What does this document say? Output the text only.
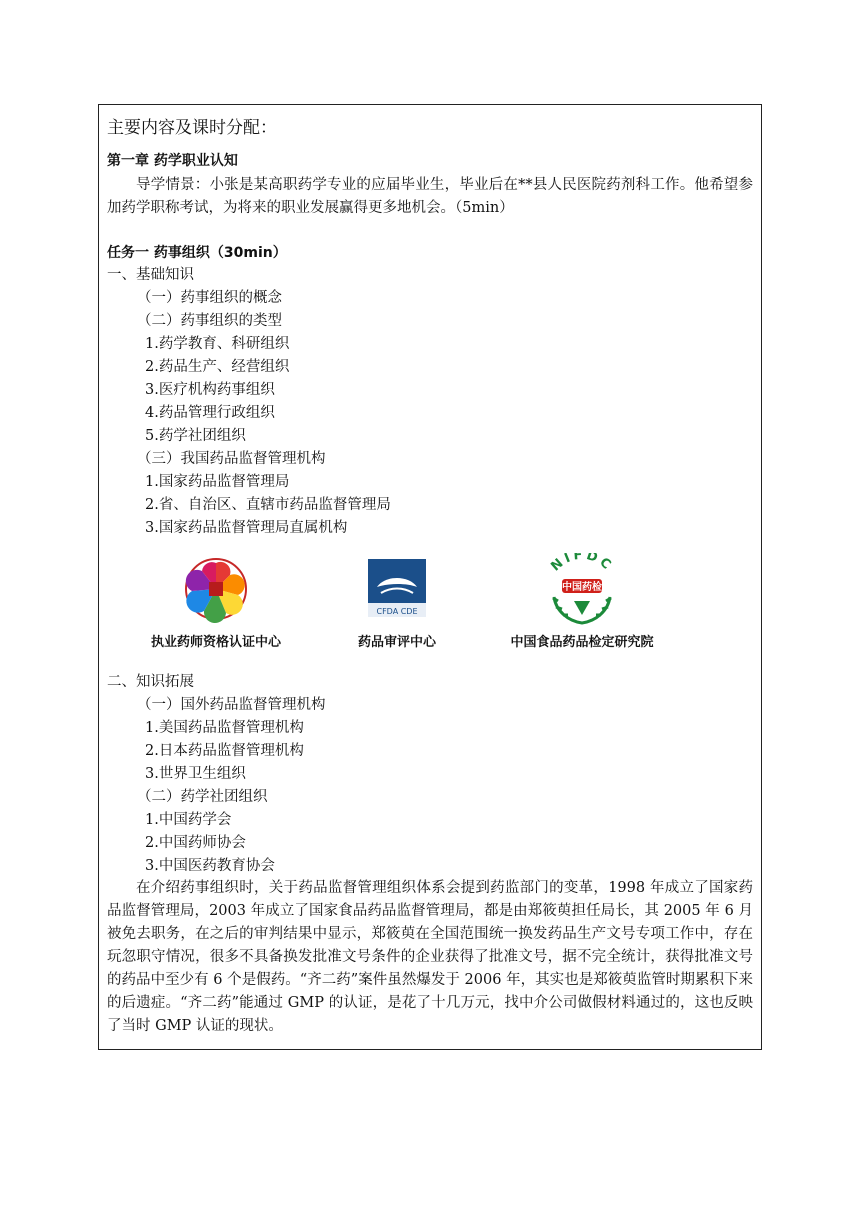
主要内容及课时分配：
第一章 药学职业认知
导学情景：小张是某高职药学专业的应届毕业生，毕业后在**县人民医院药剂科工作。他希望参加药学职称考试，为将来的职业发展赢得更多地机会。（5min）
任务一 药事组织（30min）
一、基础知识
（一）药事组织的概念
（二）药事组织的类型
1.药学教育、科研组织
2.药品生产、经营组织
3.医疗机构药事组织
4.药品管理行政组织
5.药学社团组织
（三）我国药品监督管理机构
1.国家药品监督管理局
2.省、自治区、直辖市药品监督管理局
3.国家药品监督管理局直属机构
执业药师资格认证中心
CFDA CDE
药品审评中心
NIFDC
中国药检
中国食品药品检定研究院
二、知识拓展
（一）国外药品监督管理机构
1.美国药品监督管理机构
2.日本药品监督管理机构
3.世界卫生组织
（二）药学社团组织
1.中国药学会
2.中国药师协会
3.中国医药教育协会
在介绍药事组织时，关于药品监督管理组织体系会提到药监部门的变革，1998 年成立了国家药品监督管理局，2003 年成立了国家食品药品监督管理局，都是由郑筱萸担任局长，其 2005 年 6 月被免去职务，在之后的审判结果中显示，郑筱萸在全国范围统一换发药品生产文号专项工作中，存在玩忽职守情况，很多不具备换发批准文号条件的企业获得了批准文号，据不完全统计，获得批准文号的药品中至少有 6 个是假药。“齐二药”案件虽然爆发于 2006 年，其实也是郑筱萸监管时期累积下来的后遗症。“齐二药”能通过 GMP 的认证，是花了十几万元，找中介公司做假材料通过的，这也反映了当时 GMP 认证的现状。
